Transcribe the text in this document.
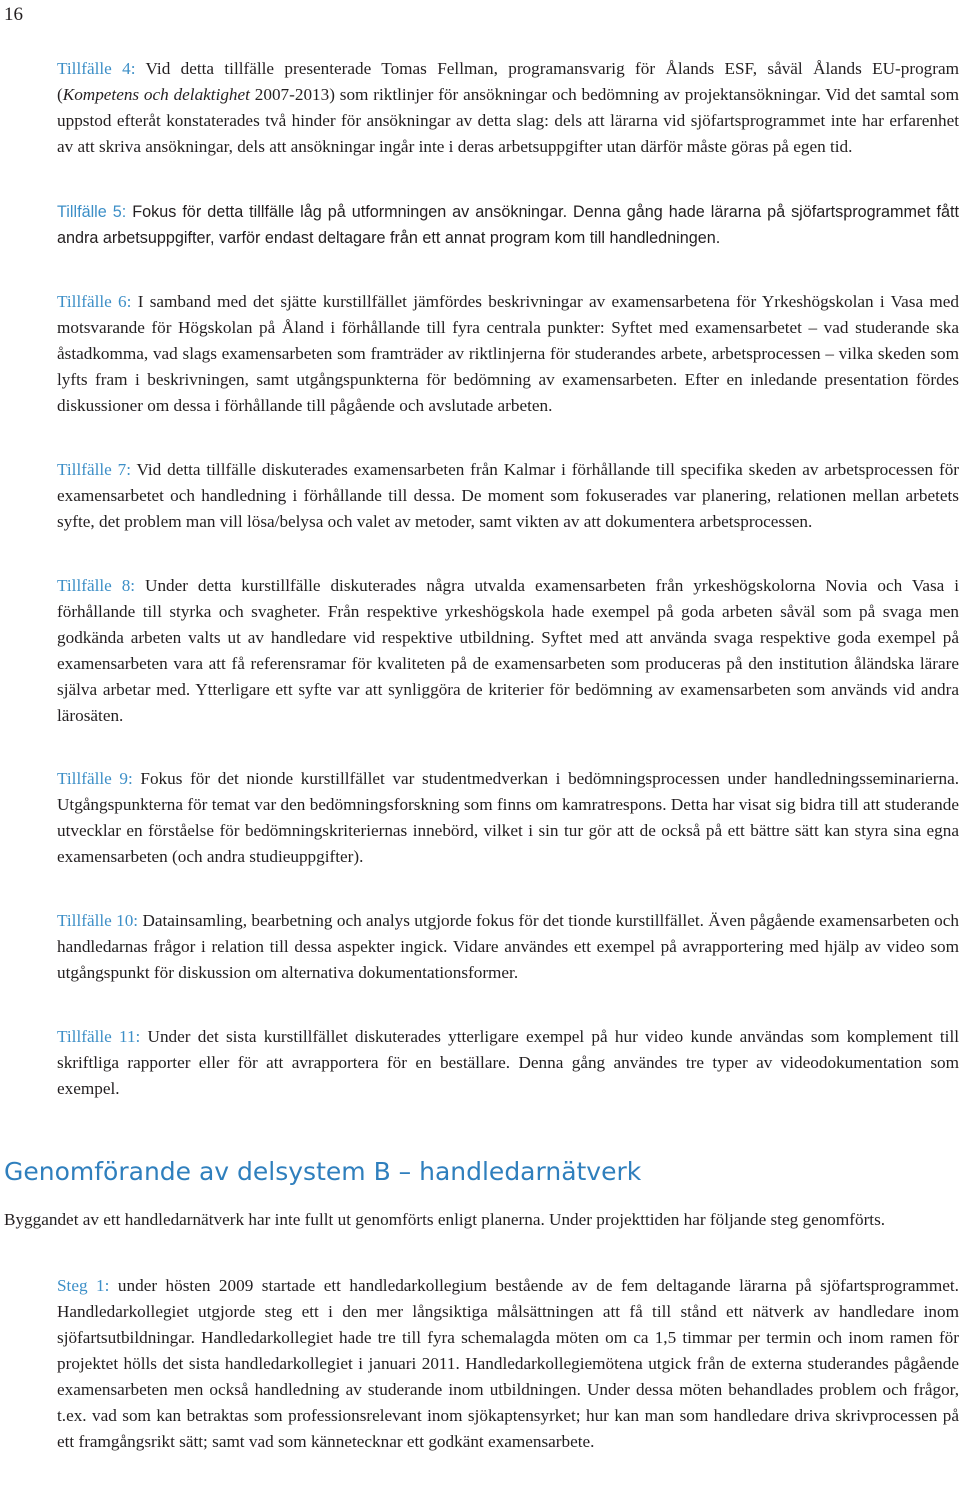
16

Tillfälle 4: Vid detta tillfälle presenterade Tomas Fellman, programansvarig för Ålands ESF, såväl Ålands EU-program (Kompetens och delaktighet 2007-2013) som riktlinjer för ansökningar och bedömning av projektansökningar. Vid det samtal som uppstod efteråt konstaterades två hinder för ansökningar av detta slag: dels att lärarna vid sjöfartsprogrammet inte har erfarenhet av att skriva ansökningar, dels att ansökningar ingår inte i deras arbetsuppgifter utan därför måste göras på egen tid.

Tillfälle 5: Fokus för detta tillfälle låg på utformningen av ansökningar. Denna gång hade lärarna på sjöfartsprogrammet fått andra arbetsuppgifter, varför endast deltagare från ett annat program kom till handledningen.

Tillfälle 6: I samband med det sjätte kurstillfället jämfördes beskrivningar av examensarbetena för Yrkeshögskolan i Vasa med motsvarande för Högskolan på Åland i förhållande till fyra centrala punkter: Syftet med examensarbetet – vad studerande ska åstadkomma, vad slags examensarbeten som framträder av riktlinjerna för studerandes arbete, arbetsprocessen – vilka skeden som lyfts fram i beskrivningen, samt utgångspunkterna för bedömning av examensarbeten. Efter en inledande presentation fördes diskussioner om dessa i förhållande till pågående och avslutade arbeten.

Tillfälle 7: Vid detta tillfälle diskuterades examensarbeten från Kalmar i förhållande till specifika skeden av arbetsprocessen för examensarbetet och handledning i förhållande till dessa. De moment som fokuserades var planering, relationen mellan arbetets syfte, det problem man vill lösa/belysa och valet av metoder, samt vikten av att dokumentera arbetsprocessen.

Tillfälle 8: Under detta kurstillfälle diskuterades några utvalda examensarbeten från yrkeshögskolorna Novia och Vasa i förhållande till styrka och svagheter. Från respektive yrkeshögskola hade exempel på goda arbeten såväl som på svaga men godkända arbeten valts ut av handledare vid respektive utbildning. Syftet med att använda svaga respektive goda exempel på examensarbeten vara att få referensramar för kvaliteten på de examensarbeten som produceras på den institution åländska lärare själva arbetar med. Ytterligare ett syfte var att synliggöra de kriterier för bedömning av examensarbeten som används vid andra lärosäten.

Tillfälle 9: Fokus för det nionde kurstillfället var studentmedverkan i bedömningsprocessen under handledningsseminarierna. Utgångspunkterna för temat var den bedömningsforskning som finns om kamratrespons. Detta har visat sig bidra till att studerande utvecklar en förståelse för bedömningskriteriernas innebörd, vilket i sin tur gör att de också på ett bättre sätt kan styra sina egna examensarbeten (och andra studieuppgifter).

Tillfälle 10: Datainsamling, bearbetning och analys utgjorde fokus för det tionde kurstillfället. Även pågående examensarbeten och handledarnas frågor i relation till dessa aspekter ingick. Vidare användes ett exempel på avrapportering med hjälp av video som utgångspunkt för diskussion om alternativa dokumentationsformer.

Tillfälle 11: Under det sista kurstillfället diskuterades ytterligare exempel på hur video kunde användas som komplement till skriftliga rapporter eller för att avrapportera för en beställare. Denna gång användes tre typer av videodokumentation som exempel.

Genomförande av delsystem B – handledarnätverk

Byggandet av ett handledarnätverk har inte fullt ut genomförts enligt planerna. Under projekttiden har följande steg genomförts.

Steg 1: under hösten 2009 startade ett handledarkollegium bestående av de fem deltagande lärarna på sjöfartsprogrammet. Handledarkollegiet utgjorde steg ett i den mer långsiktiga målsättningen att få till stånd ett nätverk av handledare inom sjöfartsutbildningar. Handledarkollegiet hade tre till fyra schemalagda möten om ca 1,5 timmar per termin och inom ramen för projektet hölls det sista handledarkollegiet i januari 2011. Handledarkollegiemötena utgick från de externa studerandes pågående examensarbeten men också handledning av studerande inom utbildningen. Under dessa möten behandlades problem och frågor, t.ex. vad som kan betraktas som professionsrelevant inom sjökaptensyrket; hur kan man som handledare driva skrivprocessen på ett framgångsrikt sätt; samt vad som kännetecknar ett godkänt examensarbete.
